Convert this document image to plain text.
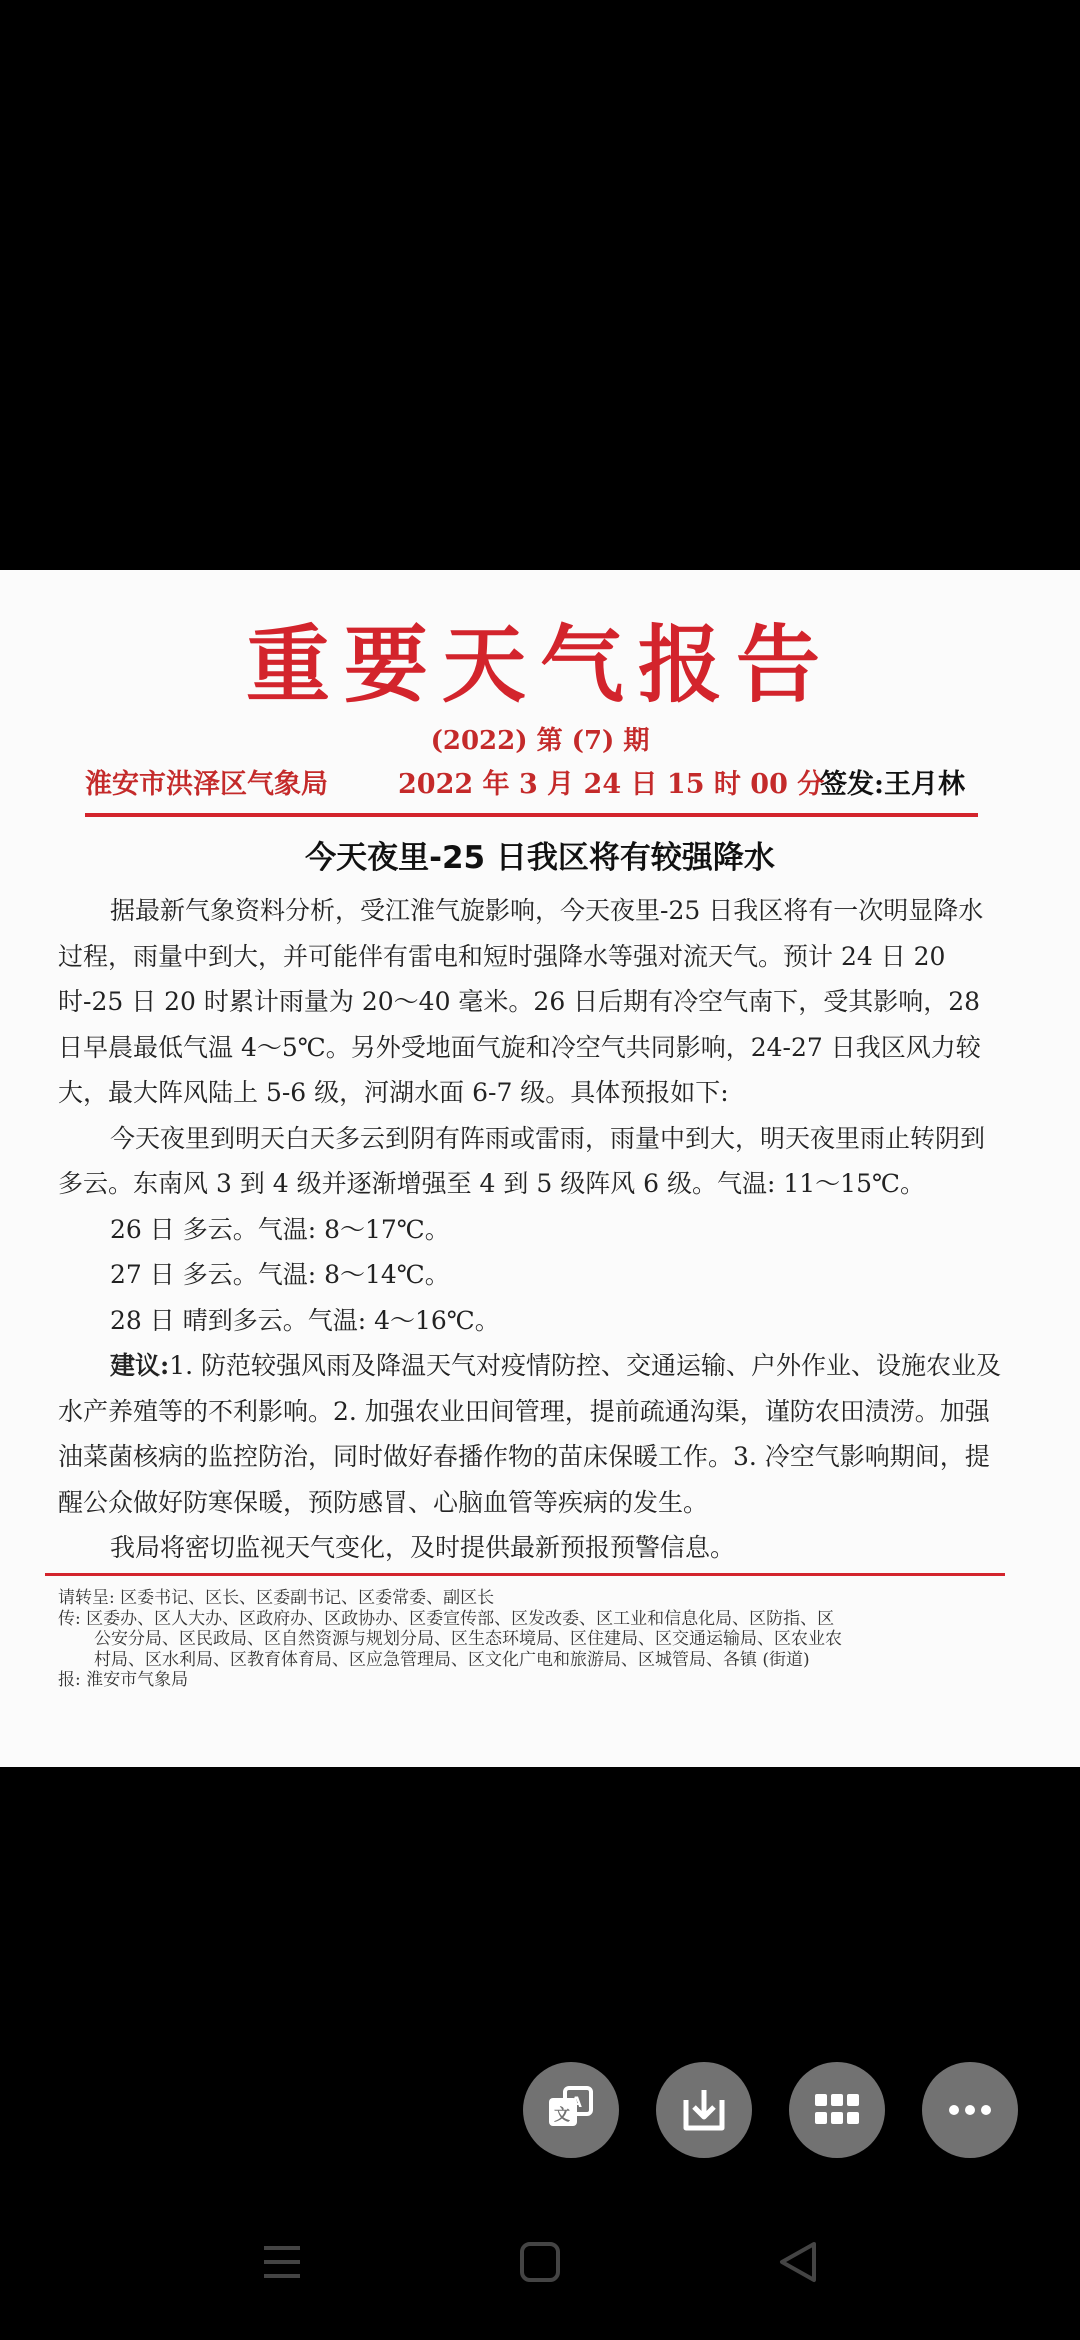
重要天气报告
(2022) 第 (7) 期
淮安市洪泽区气象局	2022 年 3 月 24 日 15 时 00 分
签发:王月林
今天夜里-25 日我区将有较强降水

据最新气象资料分析，受江淮气旋影响，今天夜里-25 日我区将有一次明显降水过程，雨量中到大，并可能伴有雷电和短时强降水等强对流天气。预计 24 日 20 时-25 日 20 时累计雨量为 20～40 毫米。26 日后期有冷空气南下，受其影响，28 日早晨最低气温 4～5℃。另外受地面气旋和冷空气共同影响，24-27 日我区风力较大，最大阵风陆上 5-6 级，河湖水面 6-7 级。具体预报如下:

今天夜里到明天白天多云到阴有阵雨或雷雨，雨量中到大，明天夜里雨止转阴到多云。东南风 3 到 4 级并逐渐增强至 4 到 5 级阵风 6 级。气温: 11～15℃。

26 日 多云。气温: 8～17℃。

27 日 多云。气温: 8～14℃。

28 日 晴到多云。气温: 4～16℃。

建议:1. 防范较强风雨及降温天气对疫情防控、交通运输、户外作业、设施农业及水产养殖等的不利影响。2. 加强农业田间管理，提前疏通沟渠，谨防农田渍涝。加强油菜菌核病的监控防治，同时做好春播作物的苗床保暖工作。3. 冷空气影响期间，提醒公众做好防寒保暖，预防感冒、心脑血管等疾病的发生。

我局将密切监视天气变化，及时提供最新预报预警信息。

请转呈: 区委书记、区长、区委副书记、区委常委、副区长

传: 区委办、区人大办、区政府办、区政协办、区委宣传部、区发改委、区工业和信息化局、区防指、区

公安分局、区民政局、区自然资源与规划分局、区生态环境局、区住建局、区交通运输局、区农业农

村局、区水利局、区教育体育局、区应急管理局、区文化广电和旅游局、区城管局、各镇 (街道)

报: 淮安市气象局

文
A
